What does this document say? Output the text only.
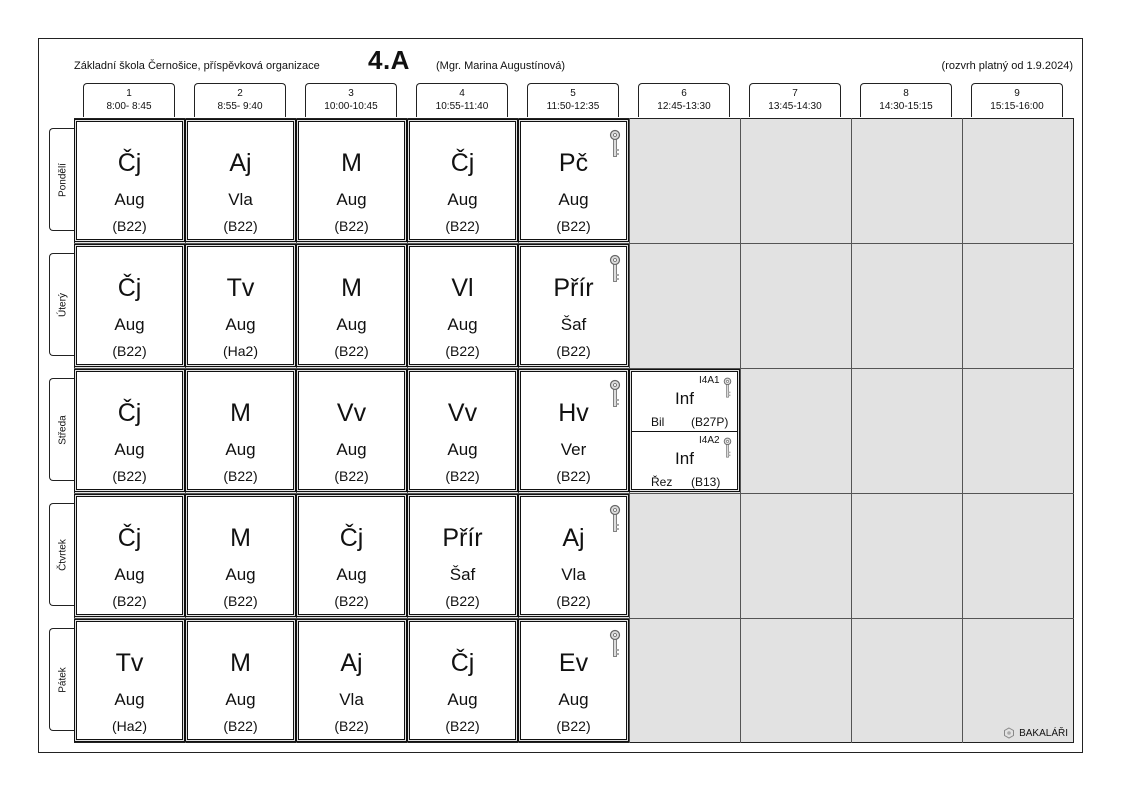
Základní škola Černošice, příspěvková organizace 4.A (Mgr. Marina Augustínová)	(rozvrh platný od 1.9.2024)
1
8:00- 8:45
2
8:55- 9:40
3
10:00-10:45
4
10:55-11:40
5
11:50-12:35
6
12:45-13:30
7
13:45-14:30
8
14:30-15:15
9
15:15-16:00
Pondělí
Úterý
Středa
Čtvrtek
Pátek
Čj
Aug
(B22)
Aj
Vla
(B22)
M
Aug
(B22)
Čj
Aug
(B22)
Pč
Aug
(B22)
Čj
Aug
(B22)
Tv
Aug
(Ha2)
M
Aug
(B22)
Vl
Aug
(B22)
Přír
Šaf
(B22)
Čj
Aug
(B22)
M
Aug
(B22)
Vv
Aug
(B22)
Vv
Aug
(B22)
Hv
Ver
(B22)
Čj
Aug
(B22)
M
Aug
(B22)
Čj
Aug
(B22)
Přír
Šaf
(B22)
Aj
Vla
(B22)
Tv
Aug
(Ha2)
M
Aug
(B22)
Aj
Vla
(B22)
Čj
Aug
(B22)
Ev
Aug
(B22)
I4A1
Inf
Bil (B27P)
I4A2
Inf
Řez (B13)
BAKALÁŘI
